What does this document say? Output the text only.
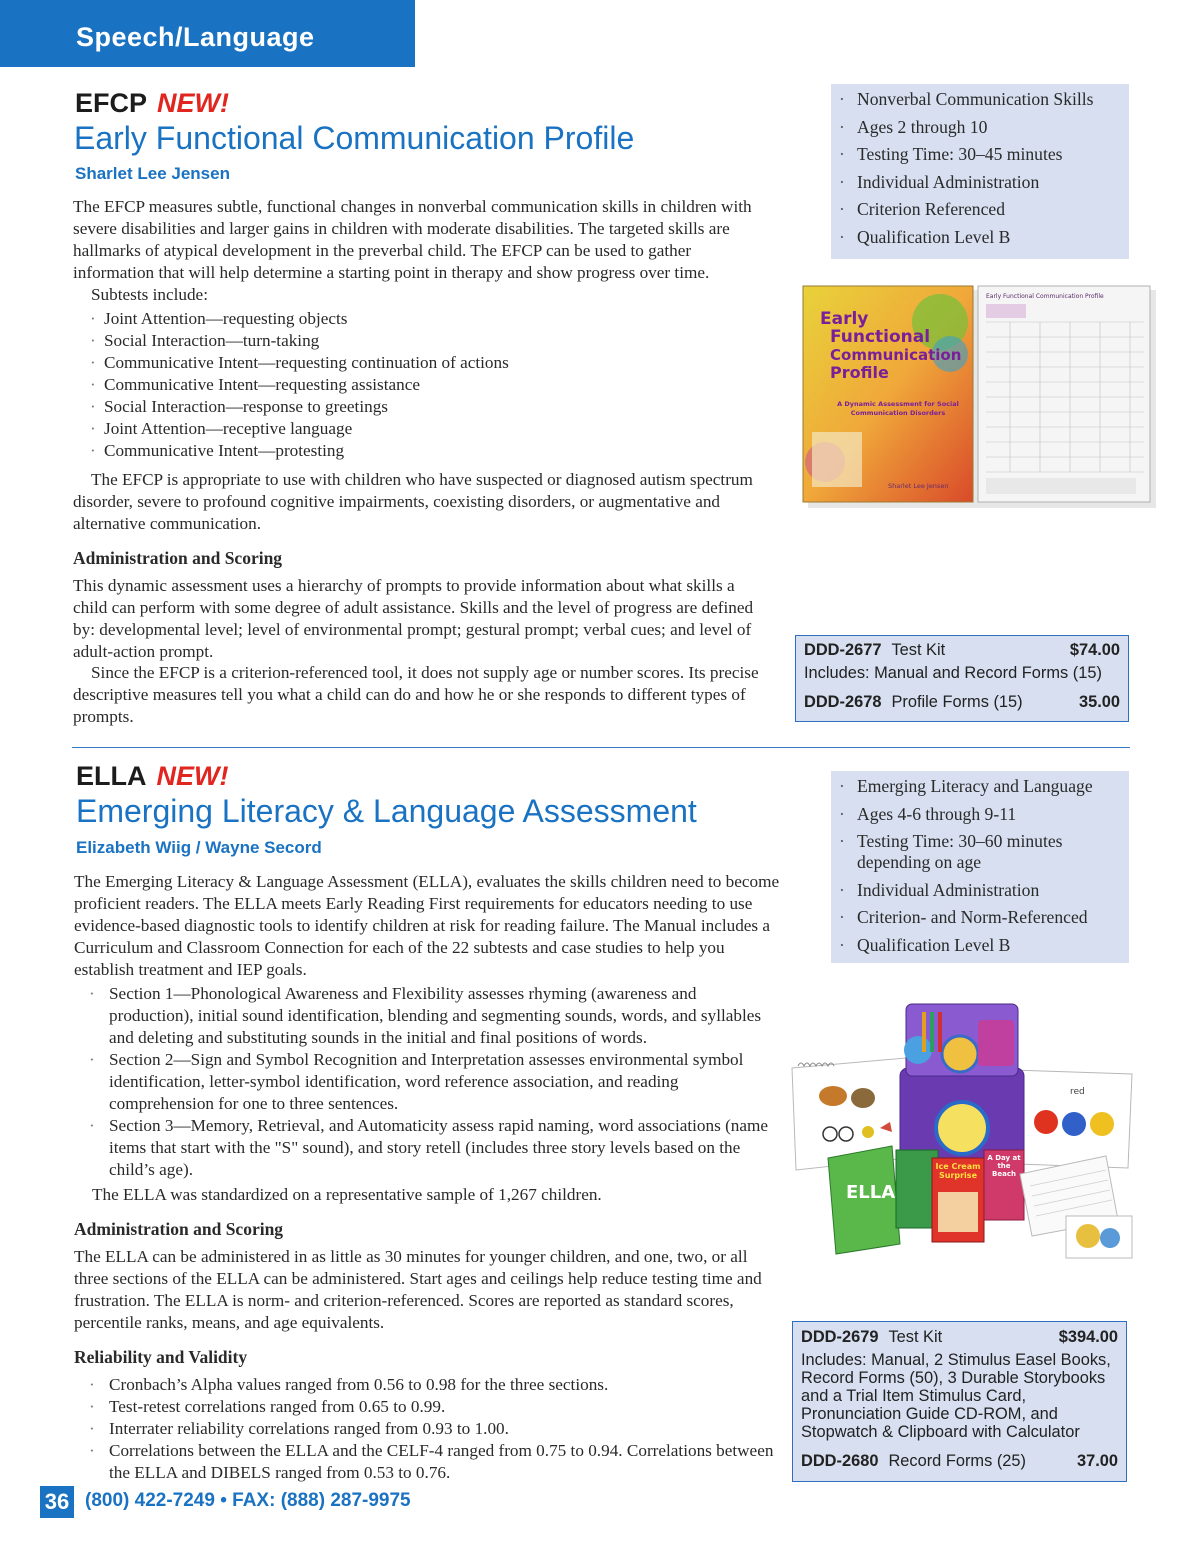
Speech/Language
EFCP NEW!
Early Functional Communication Profile
Sharlet Lee Jensen
The EFCP measures subtle, functional changes in nonverbal communication skills in children with severe disabilities and larger gains in children with moderate disabilities. The targeted skills are hallmarks of atypical development in the preverbal child. The EFCP can be used to gather information that will help determine a starting point in therapy and show progress over time.
Subtests include:
· Joint Attention—requesting objects
· Social Interaction—turn-taking
· Communicative Intent—requesting continuation of actions
· Communicative Intent—requesting assistance
· Social Interaction—response to greetings
· Joint Attention—receptive language
· Communicative Intent—protesting
The EFCP is appropriate to use with children who have suspected or diagnosed autism spectrum disorder, severe to profound cognitive impairments, coexisting disorders, or augmentative and alternative communication.
Administration and Scoring
This dynamic assessment uses a hierarchy of prompts to provide information about what skills a child can perform with some degree of adult assistance. Skills and the level of progress are defined by: developmental level; level of environmental prompt; gestural prompt; verbal cues; and level of adult-action prompt.
Since the EFCP is a criterion-referenced tool, it does not supply age or number scores. Its precise descriptive measures tell you what a child can do and how he or she responds to different types of prompts.
· Nonverbal Communication Skills
· Ages 2 through 10
· Testing Time: 30–45 minutes
· Individual Administration
· Criterion Referenced
· Qualification Level B
Early
Functional
Communication
Profile
A Dynamic Assessment for Social Communication Disorders
Sharlet Lee Jensen
Early Functional Communication Profile
DDD-2677 Test Kit	$74.00
Includes: Manual and Record Forms (15)
DDD-2678 Profile Forms (15)	35.00
ELLA NEW!
Emerging Literacy & Language Assessment
Elizabeth Wiig / Wayne Secord
The Emerging Literacy & Language Assessment (ELLA), evaluates the skills children need to become proficient readers. The ELLA meets Early Reading First requirements for educators needing to use evidence-based diagnostic tools to identify children at risk for reading failure. The Manual includes a Curriculum and Classroom Connection for each of the 22 subtests and case studies to help you establish treatment and IEP goals.
· Section 1—Phonological Awareness and Flexibility assesses rhyming (awareness and production), initial sound identification, blending and segmenting sounds, words, and syllables and deleting and substituting sounds in the initial and final positions of words.
· Section 2—Sign and Symbol Recognition and Interpretation assesses environmental symbol identification, letter-symbol identification, word reference association, and reading comprehension for one to three sentences.
· Section 3—Memory, Retrieval, and Automaticity assess rapid naming, word associations (name items that start with the "S" sound), and story retell (includes three story levels based on the child’s age).
The ELLA was standardized on a representative sample of 1,267 children.
Administration and Scoring
The ELLA can be administered in as little as 30 minutes for younger children, and one, two, or all three sections of the ELLA can be administered. Start ages and ceilings help reduce testing time and frustration. The ELLA is norm- and criterion-referenced. Scores are reported as standard scores, percentile ranks, means, and age equivalents.
Reliability and Validity
· Cronbach’s Alpha values ranged from 0.56 to 0.98 for the three sections.
· Test-retest correlations ranged from 0.65 to 0.99.
· Interrater reliability correlations ranged from 0.93 to 1.00.
· Correlations between the ELLA and the CELF-4 ranged from 0.75 to 0.94. Correlations between the ELLA and DIBELS ranged from 0.53 to 0.76.
· Emerging Literacy and Language
· Ages 4-6 through 9-11
· Testing Time: 30–60 minutes depending on age
· Individual Administration
· Criterion- and Norm-Referenced
· Qualification Level B
red
ELLA
Ice Cream Surprise
A Day at the Beach
DDD-2679 Test Kit	$394.00
Includes: Manual, 2 Stimulus Easel Books, Record Forms (50), 3 Durable Storybooks and a Trial Item Stimulus Card, Pronunciation Guide CD-ROM, and Stopwatch & Clipboard with Calculator
DDD-2680 Record Forms (25)	37.00
36 (800) 422-7249 • FAX: (888) 287-9975
